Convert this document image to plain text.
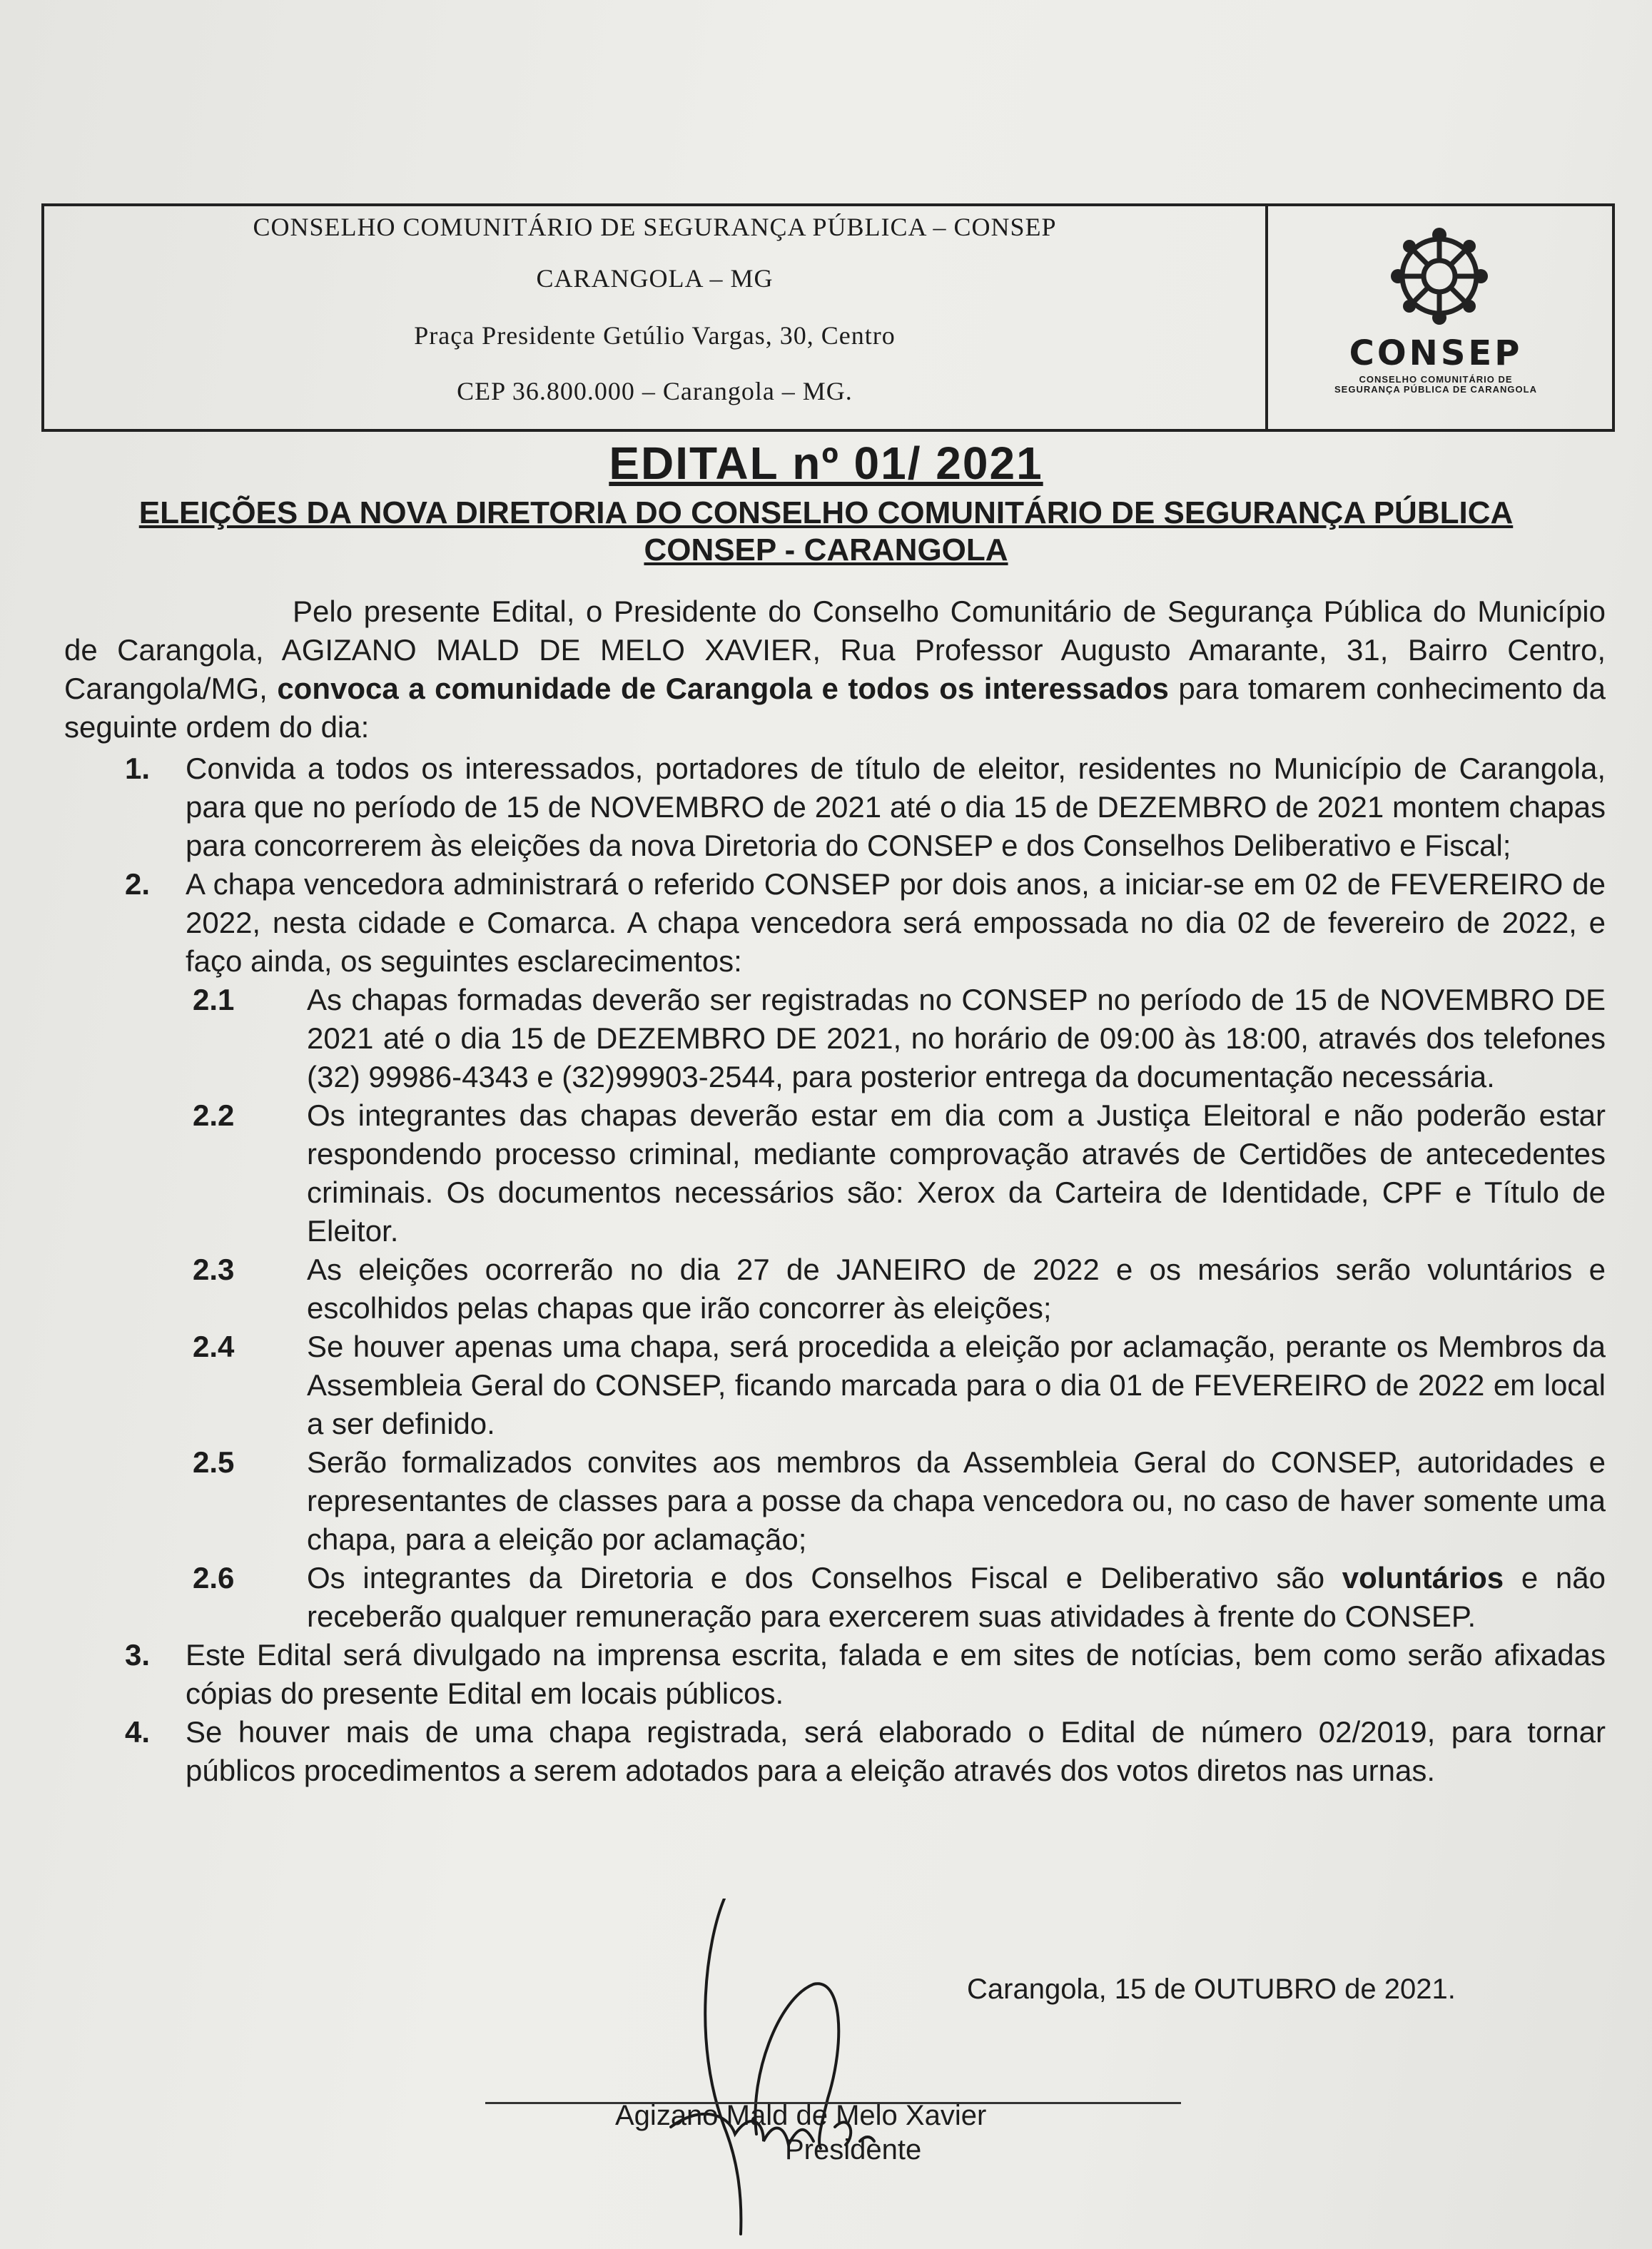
CONSELHO COMUNITÁRIO DE SEGURANÇA PÚBLICA – CONSEP
CARANGOLA – MG
Praça Presidente Getúlio Vargas, 30, Centro
CEP 36.800.000 – Carangola – MG.
CONSEP
CONSELHO COMUNITÁRIO DE SEGURANÇA PÚBLICA DE CARANGOLA
EDITAL nº 01/ 2021
ELEIÇÕES DA NOVA DIRETORIA DO CONSELHO COMUNITÁRIO DE SEGURANÇA PÚBLICA
CONSEP - CARANGOLA

Pelo presente Edital, o Presidente do Conselho Comunitário de Segurança Pública do Município de Carangola, AGIZANO MALD DE MELO XAVIER, Rua Professor Augusto Amarante, 31, Bairro Centro, Carangola/MG, convoca a comunidade de Carangola e todos os interessados para tomarem conhecimento da seguinte ordem do dia:

1. Convida a todos os interessados, portadores de título de eleitor, residentes no Município de Carangola, para que no período de 15 de NOVEMBRO de 2021 até o dia 15 de DEZEMBRO de 2021 montem chapas para concorrerem às eleições da nova Diretoria do CONSEP e dos Conselhos Deliberativo e Fiscal;

2. A chapa vencedora administrará o referido CONSEP por dois anos, a iniciar-se em 02 de FEVEREIRO de 2022, nesta cidade e Comarca. A chapa vencedora será empossada no dia 02 de fevereiro de 2022, e faço ainda, os seguintes esclarecimentos:

2.1 As chapas formadas deverão ser registradas no CONSEP no período de 15 de NOVEMBRO DE 2021 até o dia 15 de DEZEMBRO DE 2021, no horário de 09:00 às 18:00, através dos telefones (32) 99986-4343 e (32)99903-2544, para posterior entrega da documentação necessária.

2.2 Os integrantes das chapas deverão estar em dia com a Justiça Eleitoral e não poderão estar respondendo processo criminal, mediante comprovação através de Certidões de antecedentes criminais. Os documentos necessários são: Xerox da Carteira de Identidade, CPF e Título de Eleitor.

2.3 As eleições ocorrerão no dia 27 de JANEIRO de 2022 e os mesários serão voluntários e escolhidos pelas chapas que irão concorrer às eleições;

2.4 Se houver apenas uma chapa, será procedida a eleição por aclamação, perante os Membros da Assembleia Geral do CONSEP, ficando marcada para o dia 01 de FEVEREIRO de 2022 em local a ser definido.

2.5 Serão formalizados convites aos membros da Assembleia Geral do CONSEP, autoridades e representantes de classes para a posse da chapa vencedora ou, no caso de haver somente uma chapa, para a eleição por aclamação;

2.6 Os integrantes da Diretoria e dos Conselhos Fiscal e Deliberativo são voluntários e não receberão qualquer remuneração para exercerem suas atividades à frente do CONSEP.

3. Este Edital será divulgado na imprensa escrita, falada e em sites de notícias, bem como serão afixadas cópias do presente Edital em locais públicos.

4. Se houver mais de uma chapa registrada, será elaborado o Edital de número 02/2019, para tornar públicos procedimentos a serem adotados para a eleição através dos votos diretos nas urnas.

Carangola, 15 de OUTUBRO de 2021.
Agizano Mald de Melo Xavier
Presidente
